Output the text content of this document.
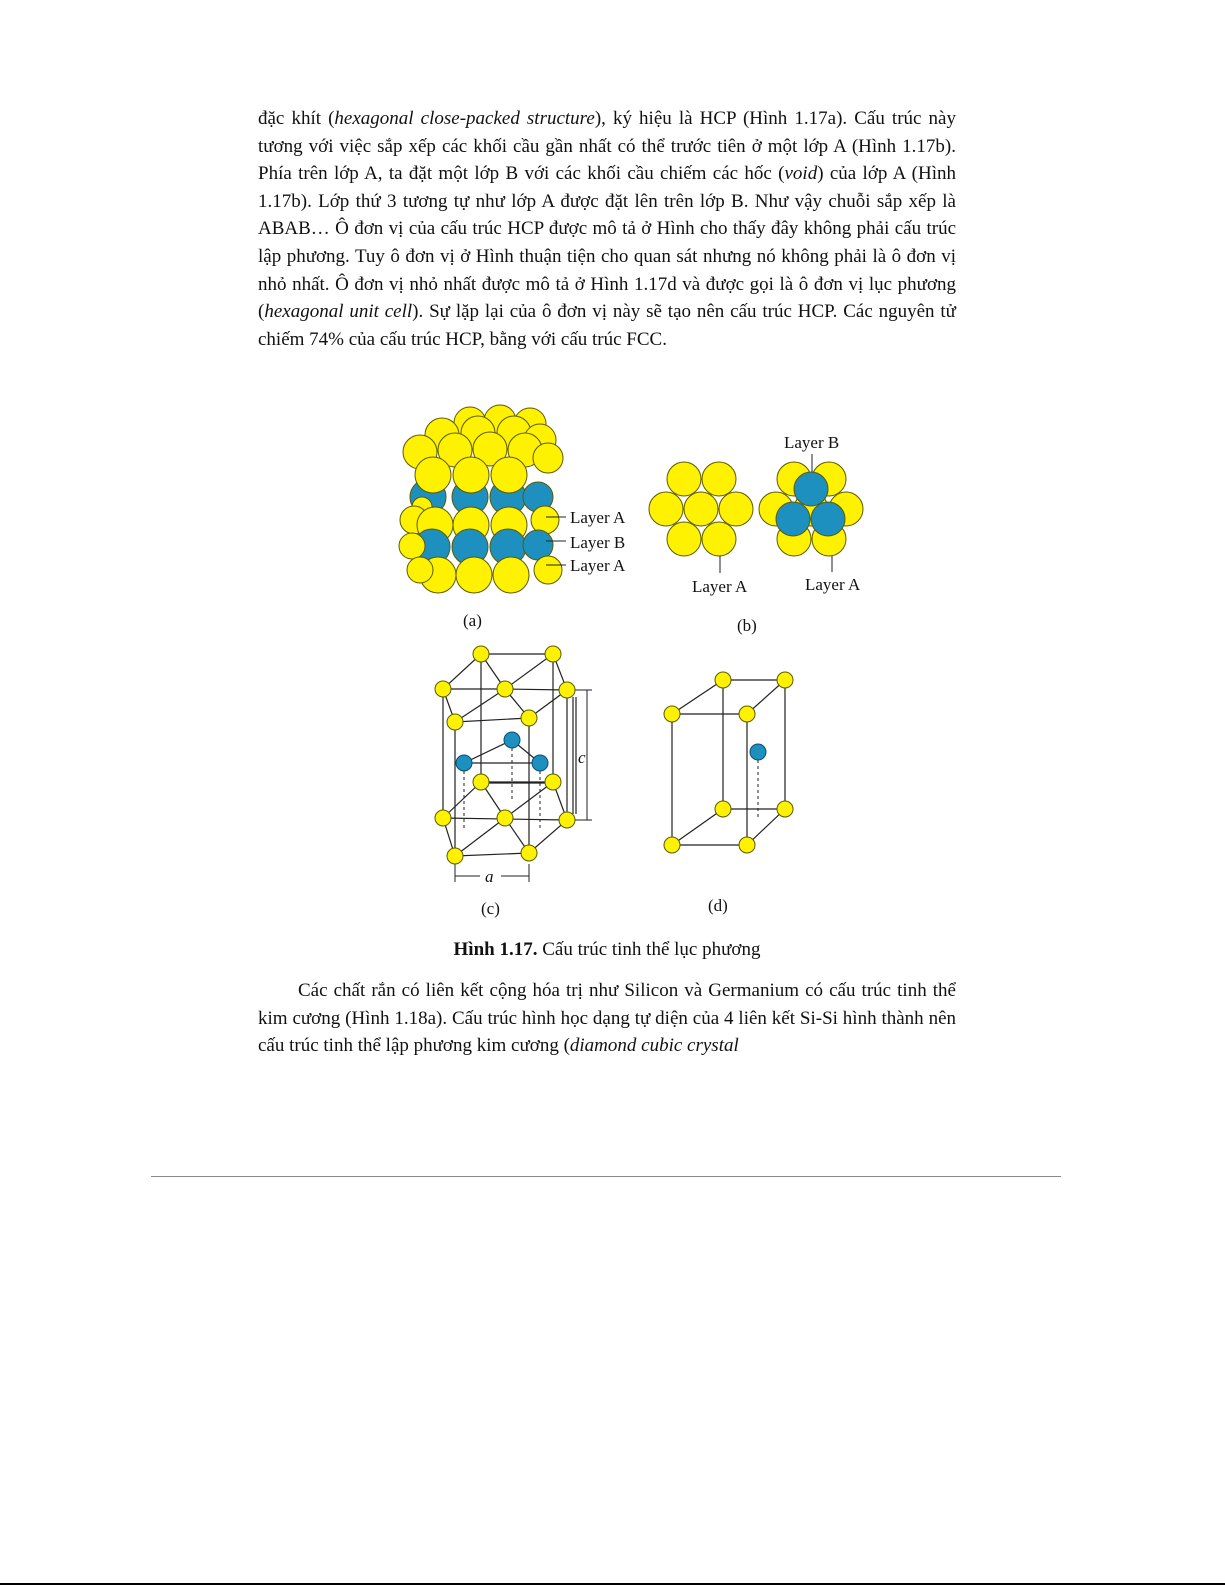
đặc khít (hexagonal close-packed structure), ký hiệu là HCP (Hình 1.17a). Cấu trúc này tương với việc sắp xếp các khối cầu gần nhất có thể trước tiên ở một lớp A (Hình 1.17b). Phía trên lớp A, ta đặt một lớp B với các khối cầu chiếm các hốc (void) của lớp A (Hình 1.17b). Lớp thứ 3 tương tự như lớp A được đặt lên trên lớp B. Như vậy chuỗi sắp xếp là ABAB… Ô đơn vị của cấu trúc HCP được mô tả ở Hình cho thấy đây không phải cấu trúc lập phương. Tuy ô đơn vị ở Hình thuận tiện cho quan sát nhưng nó không phải là ô đơn vị nhỏ nhất. Ô đơn vị nhỏ nhất được mô tả ở Hình 1.17d và được gọi là ô đơn vị lục phương (hexagonal unit cell). Sự lặp lại của ô đơn vị này sẽ tạo nên cấu trúc HCP. Các nguyên tử chiếm 74% của cấu trúc HCP, bằng với cấu trúc FCC.

Layer A
Layer B
Layer A
(a)
Layer A
Layer B
Layer A
(b)
c
a
(c)	(d)
Hình 1.17. Cấu trúc tinh thể lục phương

Các chất rắn có liên kết cộng hóa trị như Silicon và Germanium có cấu trúc tinh thể kim cương (Hình 1.18a). Cấu trúc hình học dạng tự diện của 4 liên kết Si-Si hình thành nên cấu trúc tinh thể lập phương kim cương (diamond cubic crystal
